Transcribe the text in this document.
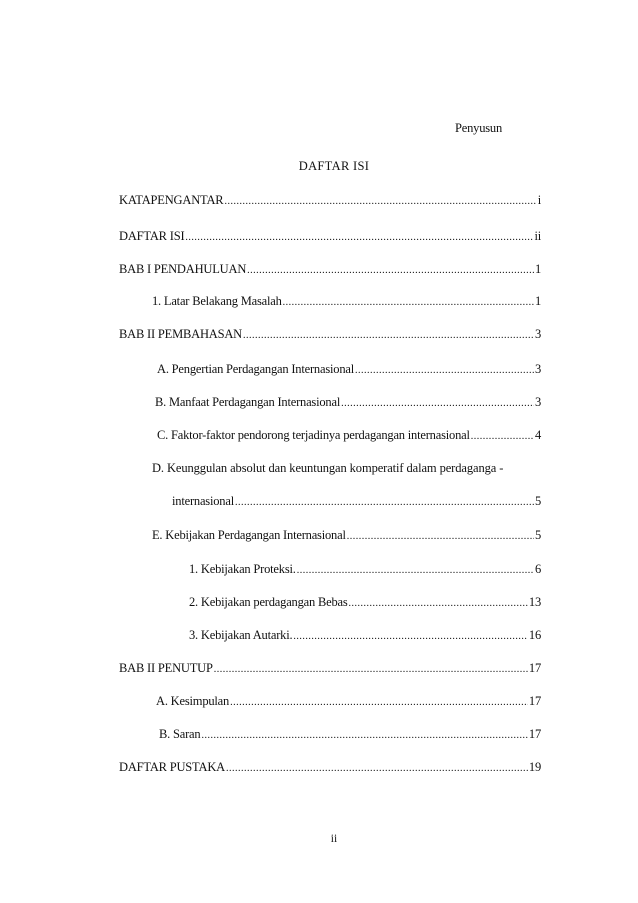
Penyusun
DAFTAR ISI
KATAPENGANTAR .....	i
DAFTAR ISI .....	ii
BAB I PENDAHULUAN .....	1
1. Latar Belakang Masalah .....	1
BAB II PEMBAHASAN .....	3
A. Pengertian Perdagangan Internasional .....	3
B. Manfaat Perdagangan Internasional .....	3
C. Faktor-faktor pendorong terjadinya perdagangan internasional .....	4
D. Keunggulan absolut dan keuntungan komperatif dalam perdaganga -
internasional .....	5
E. Kebijakan Perdagangan Internasional .....	5
1. Kebijakan Proteksi. .....	6
2. Kebijakan perdagangan Bebas .....	13
3. Kebijakan Autarki. .....	16
BAB II PENUTUP .....	17
A. Kesimpulan .....	17
B. Saran .....	17
DAFTAR PUSTAKA .....	19
ii
